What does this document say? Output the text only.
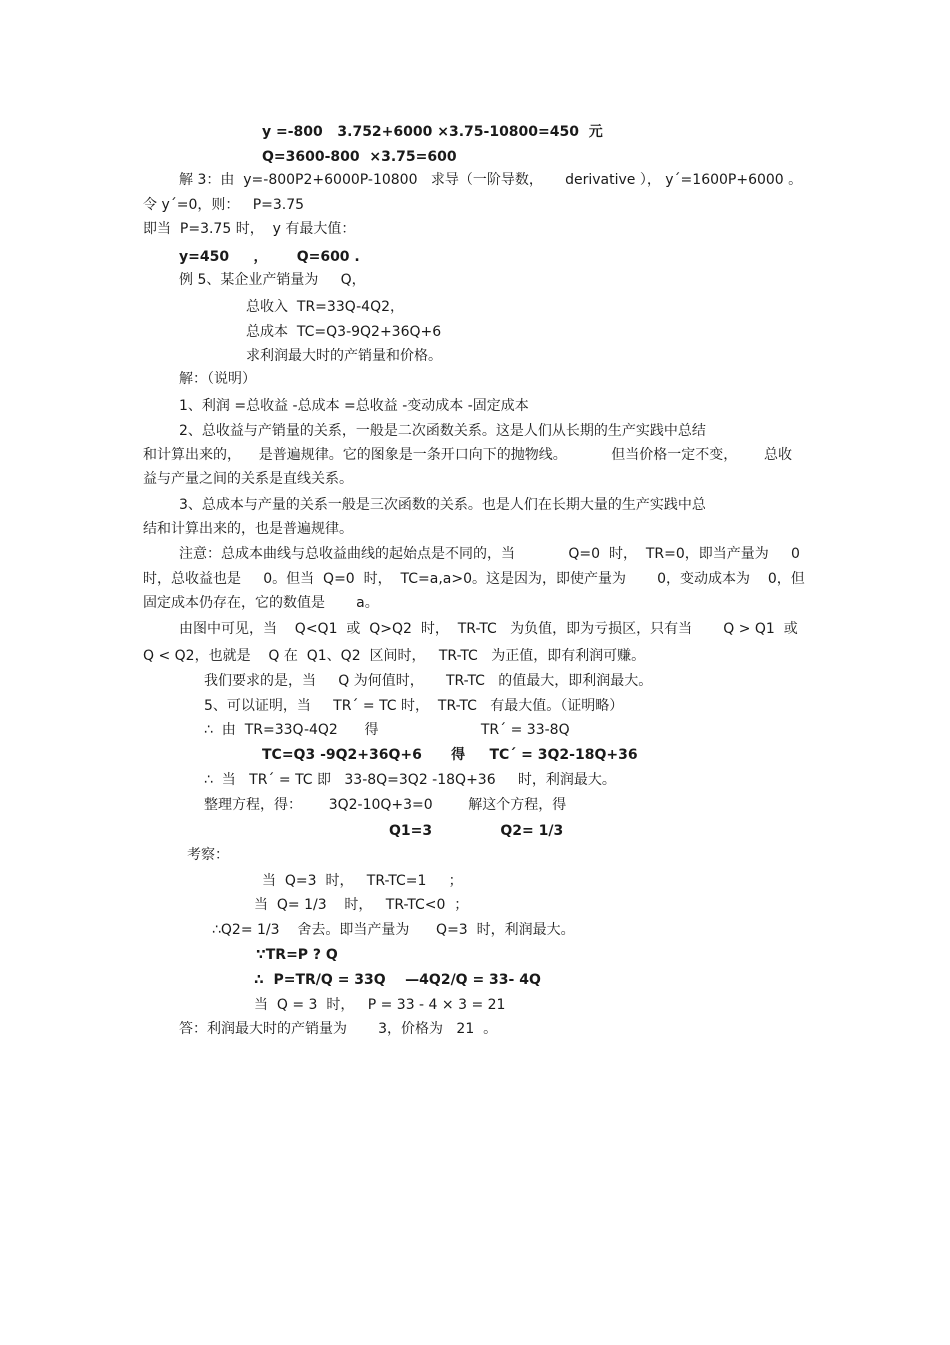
y =-800   3.752+6000 ×3.75-10800=450  元
Q=3600-800  ×3.75=600
解 3：由  y=-800P2+6000P-10800   求导（一阶导数，     derivative ）， y´=1600P+6000 。
令 y´=0，则：   P=3.75
即当  P=3.75 时，  y 有最大值：
y=450     ，      Q=600 .
例 5、某企业产销量为     Q，
总收入  TR=33Q-4Q2，
总成本  TC=Q3-9Q2+36Q+6
求利润最大时的产销量和价格。
解：（说明）
1、利润 =总收益 -总成本 =总收益 -变动成本 -固定成本
2、总收益与产销量的关系，一般是二次函数关系。这是人们从长期的生产实践中总结
和计算出来的，    是普遍规律。它的图象是一条开口向下的抛物线。          但当价格一定不变，      总收
益与产量之间的关系是直线关系。
3、总成本与产量的关系一般是三次函数的关系。也是人们在长期大量的生产实践中总
结和计算出来的，也是普遍规律。
注意：总成本曲线与总收益曲线的起始点是不同的，当            Q=0  时，  TR=0，即当产量为     0
时，总收益也是     0。但当  Q=0  时，  TC=a,a>0。这是因为，即使产量为       0，变动成本为    0，但
固定成本仍存在，它的数值是       a。
由图中可见，当    Q<Q1  或  Q>Q2  时，  TR-TC   为负值，即为亏损区，只有当       Q > Q1  或
Q < Q2，也就是    Q 在  Q1、Q2  区间时，   TR-TC   为正值，即有利润可赚。
我们要求的是，当     Q 为何值时，     TR-TC   的值最大，即利润最大。
5、可以证明，当     TR´ = TC 时，  TR-TC   有最大值。（证明略）
∴  由  TR=33Q-4Q2      得                       TR´ = 33-8Q
TC=Q3 -9Q2+36Q+6      得     TC´ = 3Q2-18Q+36
∴  当   TR´ = TC 即   33-8Q=3Q2 -18Q+36     时，利润最大。
整理方程，得：      3Q2-10Q+3=0        解这个方程，得
Q1=3              Q2= 1/3
考察：
当  Q=3  时，   TR-TC=1     ；
当  Q= 1/3    时，   TR-TC<0  ；
∴Q2= 1/3    舍去。即当产量为      Q=3  时，利润最大。
∵TR=P ? Q
∴  P=TR/Q = 33Q    —4Q2/Q = 33- 4Q
当  Q = 3  时，   P = 33 - 4 × 3 = 21
答：利润最大时的产销量为       3，价格为   21  。
